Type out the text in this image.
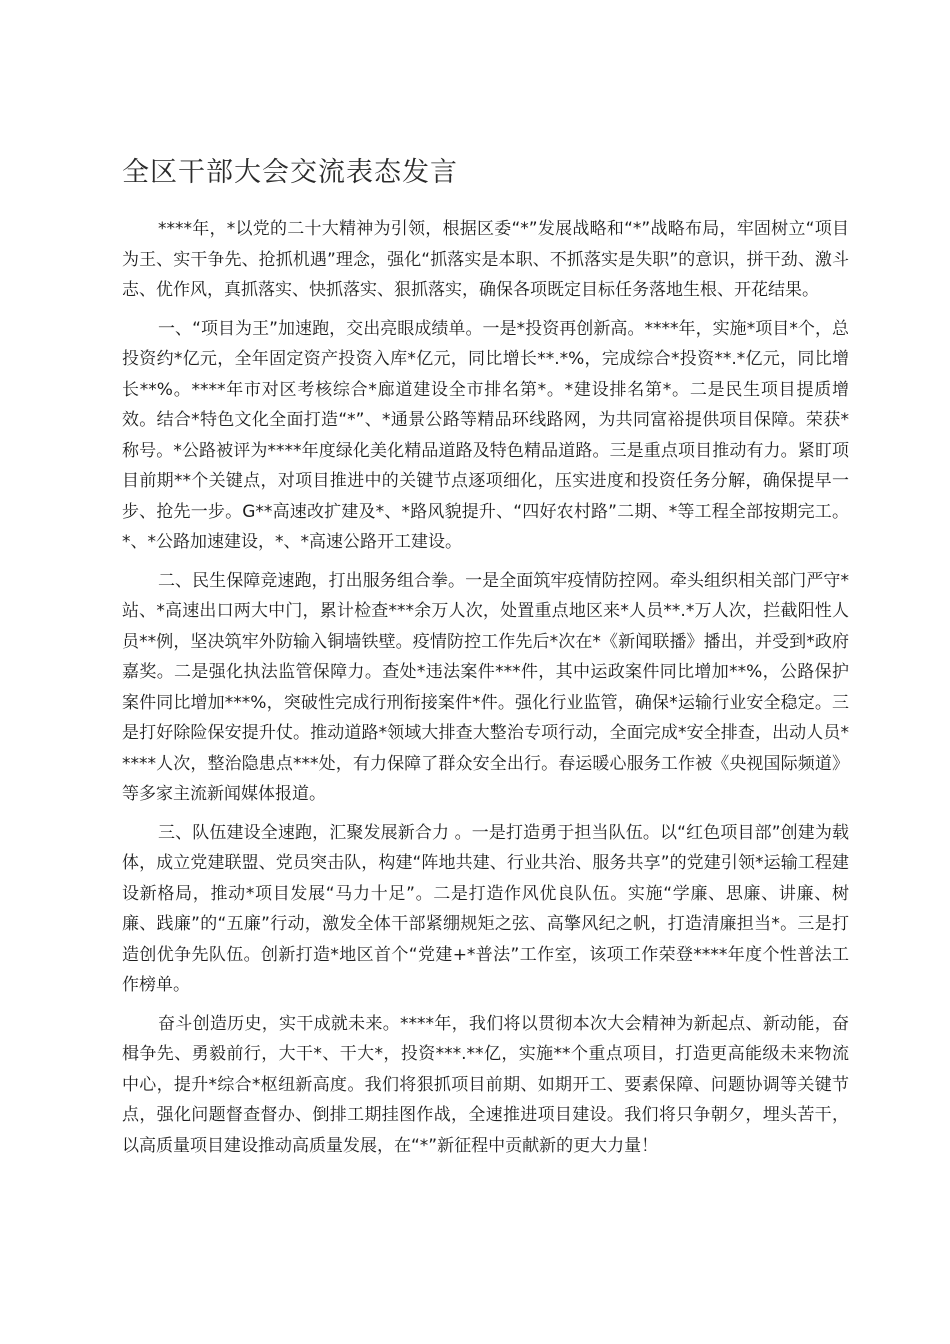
全区干部大会交流表态发言

****年，*以党的二十大精神为引领，根据区委“*”发展战略和“*”战略布局，牢固树立“项目为王、实干争先、抢抓机遇”理念，强化“抓落实是本职、不抓落实是失职”的意识，拼干劲、激斗志、优作风，真抓落实、快抓落实、狠抓落实，确保各项既定目标任务落地生根、开花结果。

一、“项目为王”加速跑，交出亮眼成绩单。一是*投资再创新高。****年，实施*项目*个，总投资约*亿元，全年固定资产投资入库*亿元，同比增长**.*%，完成综合*投资**.*亿元，同比增长**%。****年市对区考核综合*廊道建设全市排名第*。*建设排名第*。二是民生项目提质增效。结合*特色文化全面打造“*”、*通景公路等精品环线路网，为共同富裕提供项目保障。荣获*称号。*公路被评为****年度绿化美化精品道路及特色精品道路。三是重点项目推动有力。紧盯项目前期**个关键点，对项目推进中的关键节点逐项细化，压实进度和投资任务分解，确保提早一步、抢先一步。G**高速改扩建及*、*路风貌提升、“四好农村路”二期、*等工程全部按期完工。*、*公路加速建设，*、*高速公路开工建设。

二、民生保障竞速跑，打出服务组合拳。一是全面筑牢疫情防控网。牵头组织相关部门严守*站、*高速出口两大中门，累计检查***余万人次，处置重点地区来*人员**.*万人次，拦截阳性人员**例，坚决筑牢外防输入铜墙铁壁。疫情防控工作先后*次在*《新闻联播》播出，并受到*政府嘉奖。二是强化执法监管保障力。查处*违法案件***件，其中运政案件同比增加**%，公路保护案件同比增加***%，突破性完成行刑衔接案件*件。强化行业监管，确保*运输行业安全稳定。三是打好除险保安提升仗。推动道路*领域大排查大整治专项行动，全面完成*安全排查，出动人员*****人次，整治隐患点***处，有力保障了群众安全出行。春运暖心服务工作被《央视国际频道》等多家主流新闻媒体报道。

三、队伍建设全速跑，汇聚发展新合力 。一是打造勇于担当队伍。以“红色项目部”创建为载体，成立党建联盟、党员突击队，构建“阵地共建、行业共治、服务共享”的党建引领*运输工程建设新格局，推动*项目发展“马力十足”。二是打造作风优良队伍。实施“学廉、思廉、讲廉、树廉、践廉”的“五廉”行动，激发全体干部紧绷规矩之弦、高擎风纪之帆，打造清廉担当*。三是打造创优争先队伍。创新打造*地区首个“党建+*普法”工作室，该项工作荣登****年度个性普法工作榜单。

奋斗创造历史，实干成就未来。****年，我们将以贯彻本次大会精神为新起点、新动能，奋楫争先、勇毅前行，大干*、干大*，投资***.**亿，实施**个重点项目，打造更高能级未来物流中心，提升*综合*枢纽新高度。我们将狠抓项目前期、如期开工、要素保障、问题协调等关键节点，强化问题督查督办、倒排工期挂图作战，全速推进项目建设。我们将只争朝夕，埋头苦干，以高质量项目建设推动高质量发展，在“*”新征程中贡献新的更大力量！
